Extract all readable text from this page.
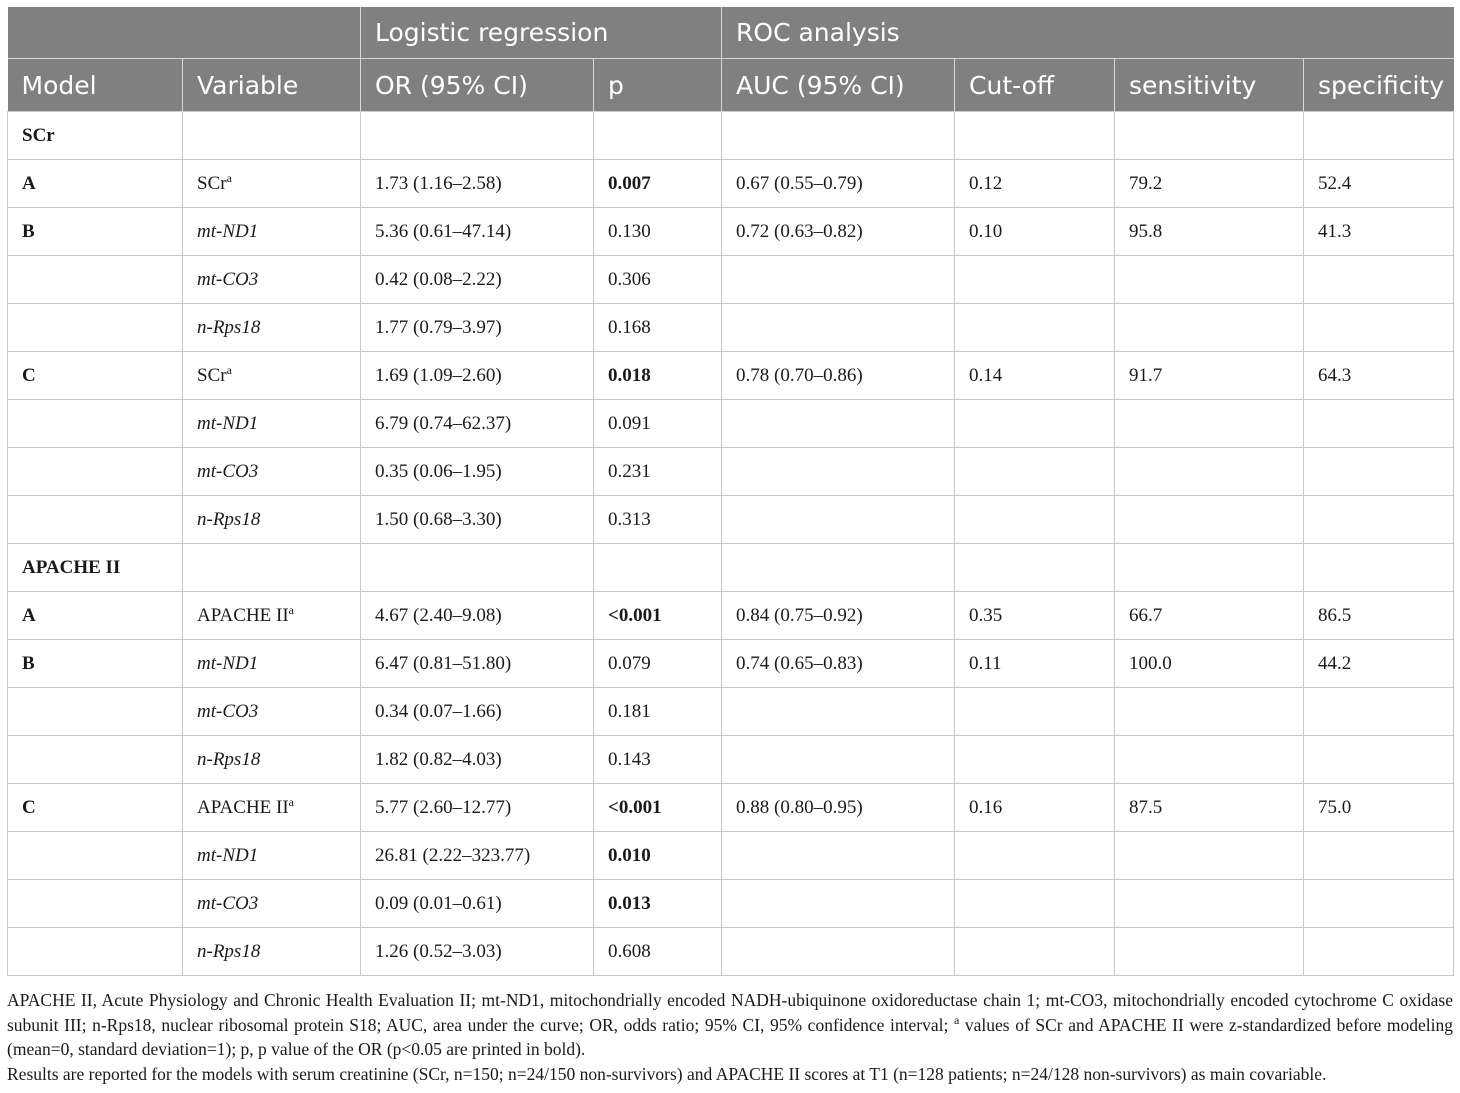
		Logistic regression		ROC analysis			
Model	Variable	OR (95% CI)	p	AUC (95% CI)	Cut-off	sensitivity	specificity
SCr							
A	SCr$^a$	1.73 (1.16–2.58)	0.007	0.67 (0.55–0.79)	0.12	79.2	52.4
B	mt-ND1	5.36 (0.61–47.14)	0.130	0.72 (0.63–0.82)	0.10	95.8	41.3
	mt-CO3	0.42 (0.08–2.22)	0.306				
	n-Rps18	1.77 (0.79–3.97)	0.168				
C	SCr$^a$	1.69 (1.09–2.60)	0.018	0.78 (0.70–0.86)	0.14	91.7	64.3
	mt-ND1	6.79 (0.74–62.37)	0.091				
	mt-CO3	0.35 (0.06–1.95)	0.231				
	n-Rps18	1.50 (0.68–3.30)	0.313				
APACHE II							
A	APACHE $II^a$	4.67 (2.40–9.08)	<0.001	0.84 (0.75–0.92)	0.35	66.7	86.5
B	mt-ND1	6.47 (0.81–51.80)	0.079	0.74 (0.65–0.83)	0.11	100.0	44.2
	mt-CO3	0.34 (0.07–1.66)	0.181				
	n-Rps18	1.82 (0.82–4.03)	0.143				
C	APACHE $II^a$	5.77 (2.60–12.77)	<0.001	0.88 (0.80–0.95)	0.16	87.5	75.0
	mt-ND1	26.81 (2.22–323.77)	0.010				
	mt-CO3	0.09 (0.01–0.61)	0.013				
	n-Rps18	1.26 (0.52–3.03)	0.608				

APACHE II, Acute Physiology and Chronic Health Evaluation II; mt-ND1, mitochondrially encoded NADH-ubiquinone oxidoreductase chain 1; mt-CO3, mitochondrially encoded cytochrome C oxidase subunit III; n-Rps18, nuclear ribosomal protein S18; AUC, area under the curve; OR, odds ratio; 95% CI, 95% confidence interval; $^a$ values of SCr and APACHE II were z-standardized before modeling (mean=0, standard deviation=1); p, p value of the OR (p<0.05 are printed in bold).

Results are reported for the models with serum creatinine (SCr, n=150; n=24/150 non-survivors) and APACHE II scores at T1 (n=128 patients; n=24/128 non-survivors) as main covariable.
